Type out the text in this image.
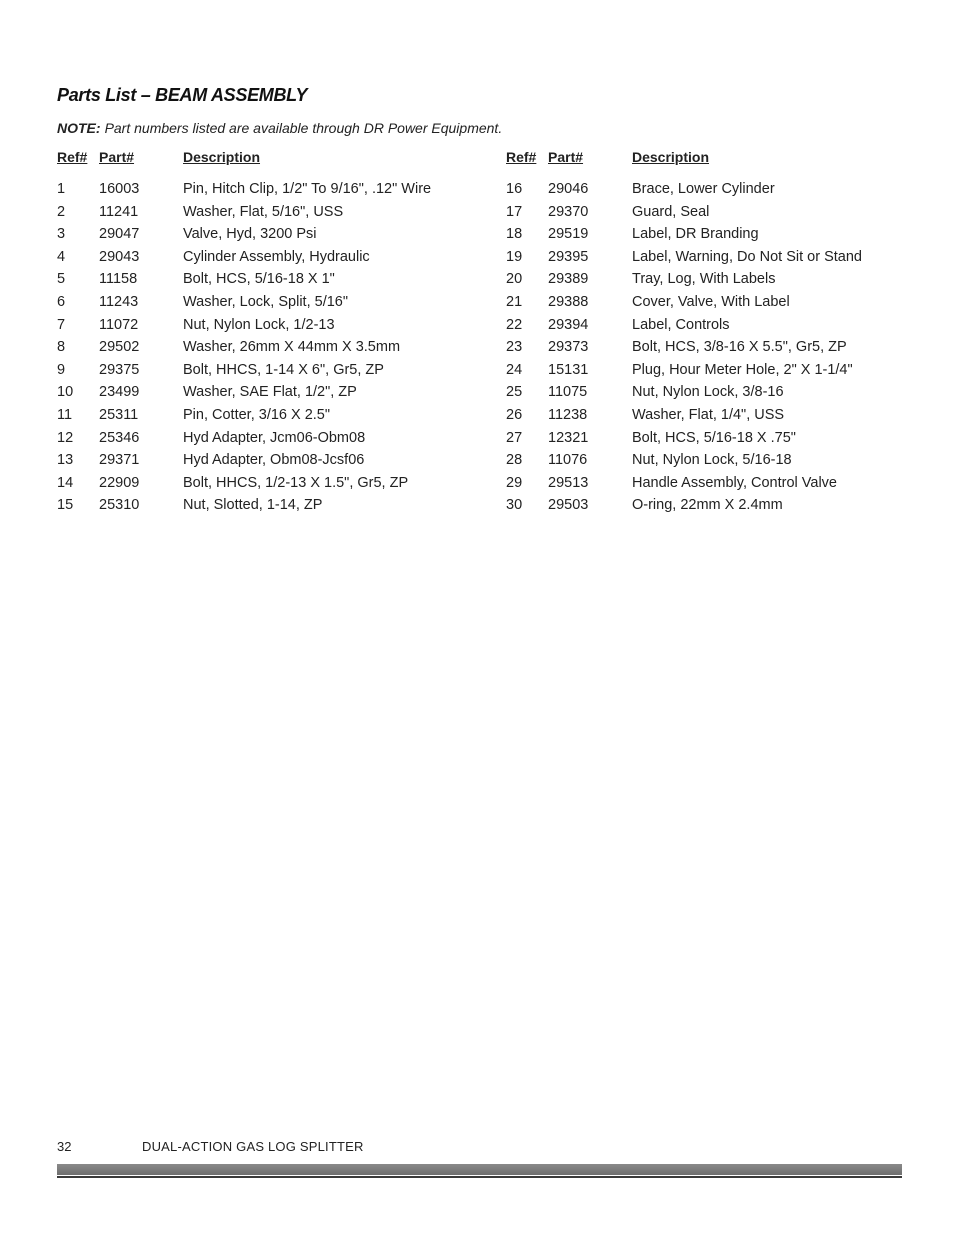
Parts List – BEAM ASSEMBLY
NOTE: Part numbers listed are available through DR Power Equipment.
Ref# Part#	Description
1 16003	Pin, Hitch Clip, 1/2" To 9/16", .12" Wire
2 11241	Washer, Flat, 5/16", USS
3 29047	Valve, Hyd, 3200 Psi
4 29043	Cylinder Assembly, Hydraulic
5 11158	Bolt, HCS, 5/16-18 X 1"
6 11243	Washer, Lock, Split, 5/16"
7 11072	Nut, Nylon Lock, 1/2-13
8 29502	Washer, 26mm X 44mm X 3.5mm
9 29375	Bolt, HHCS, 1-14 X 6", Gr5, ZP
10 23499	Washer, SAE Flat, 1/2", ZP
11 25311	Pin, Cotter, 3/16 X 2.5"
12 25346	Hyd Adapter, Jcm06-Obm08
13 29371	Hyd Adapter, Obm08-Jcsf06
14 22909	Bolt, HHCS, 1/2-13 X 1.5", Gr5, ZP
15 25310	Nut, Slotted, 1-14, ZP
Ref# Part#	Description
16 29046	Brace, Lower Cylinder
17 29370	Guard, Seal
18 29519	Label, DR Branding
19 29395	Label, Warning, Do Not Sit or Stand
20 29389	Tray, Log, With Labels
21 29388	Cover, Valve, With Label
22 29394	Label, Controls
23 29373	Bolt, HCS, 3/8-16 X 5.5", Gr5, ZP
24 15131	Plug, Hour Meter Hole, 2" X 1-1/4"
25 11075	Nut, Nylon Lock, 3/8-16
26 11238	Washer, Flat, 1/4", USS
27 12321	Bolt, HCS, 5/16-18 X .75"
28 11076	Nut, Nylon Lock, 5/16-18
29 29513	Handle Assembly, Control Valve
30 29503	O-ring, 22mm X 2.4mm
32	DUAL-ACTION GAS LOG SPLITTER
